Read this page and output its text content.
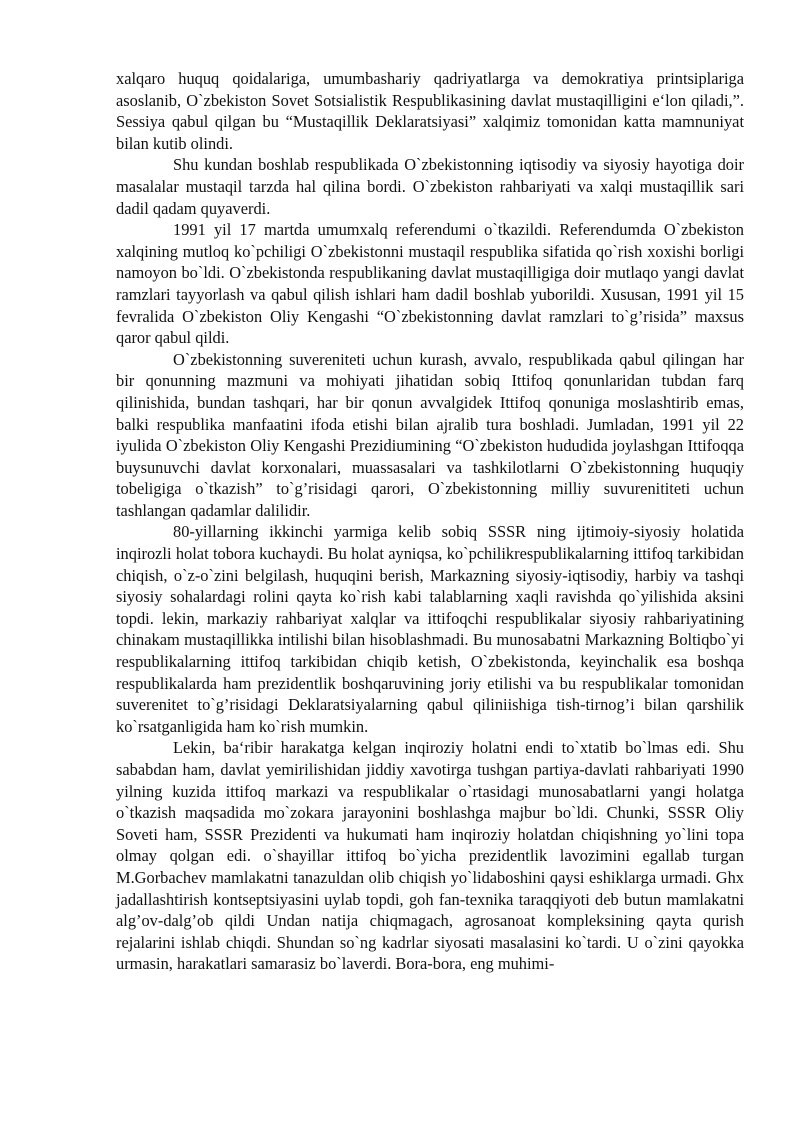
xalqaro huquq qoidalariga, umumbashariy qadriyatlarga va demokratiya printsiplariga asoslanib, O`zbekiston Sovet Sotsialistik Respublikasining davlat mustaqilligini e‘lon qiladi,”. Sessiya qabul qilgan bu “Mustaqillik Deklaratsiyasi” xalqimiz tomonidan katta mamnuniyat bilan kutib olindi.

Shu kundan boshlab respublikada O`zbekistonning iqtisodiy va siyosiy hayotiga doir masalalar mustaqil tarzda hal qilina bordi. O`zbekiston rahbariyati va xalqi mustaqillik sari dadil qadam quyaverdi.

1991 yil 17 martda umumxalq referendumi o`tkazildi. Referendumda O`zbekiston xalqining mutloq ko`pchiligi O`zbekistonni mustaqil respublika sifatida qo`rish xoxishi borligi namoyon bo`ldi. O`zbekistonda respublikaning davlat mustaqilligiga doir mutlaqo yangi davlat ramzlari tayyorlash va qabul qilish ishlari ham dadil boshlab yuborildi. Xususan, 1991 yil 15 fevralida O`zbekiston Oliy Kengashi “O`zbekistonning davlat ramzlari to`g’risida” maxsus qaror qabul qildi.

O`zbekistonning suvereniteti uchun kurash, avvalo, respublikada qabul qilingan har bir qonunning mazmuni va mohiyati jihatidan sobiq Ittifoq qonunlaridan tubdan farq qilinishida, bundan tashqari, har bir qonun avvalgidek Ittifoq qonuniga moslashtirib emas, balki respublika manfaatini ifoda etishi bilan ajralib tura boshladi. Jumladan, 1991 yil 22 iyulida O`zbekiston Oliy Kengashi Prezidiumining “O`zbekiston hududida joylashgan Ittifoqqa buysunuvchi davlat korxonalari, muassasalari va tashkilotlarni O`zbekistonning huquqiy tobeligiga o`tkazish” to`g’risidagi qarori, O`zbekistonning milliy suvurenititeti uchun tashlangan qadamlar dalilidir.

80-yillarning ikkinchi yarmiga kelib sobiq SSSR ning ijtimoiy-siyosiy holatida inqirozli holat tobora kuchaydi. Bu holat ayniqsa, ko`pchilikrespublikalarning ittifoq tarkibidan chiqish, o`z-o`zini belgilash, huquqini berish, Markazning siyosiy-iqtisodiy, harbiy va tashqi siyosiy sohalardagi rolini qayta ko`rish kabi talablarning xaqli ravishda qo`yilishida aksini topdi. lekin, markaziy rahbariyat xalqlar va ittifoqchi respublikalar siyosiy rahbariyatining chinakam mustaqillikka intilishi bilan hisoblashmadi. Bu munosabatni Markazning Boltiqbo`yi respublikalarning ittifoq tarkibidan chiqib ketish, O`zbekistonda, keyinchalik esa boshqa respublikalarda ham prezidentlik boshqaruvining joriy etilishi va bu respublikalar tomonidan suverenitet to`g’risidagi Deklaratsiyalarning qabul qiliniishiga tish-tirnog’i bilan qarshilik ko`rsatganligida ham ko`rish mumkin.

Lekin, ba‘ribir harakatga kelgan inqiroziy holatni endi to`xtatib bo`lmas edi. Shu sababdan ham, davlat yemirilishidan jiddiy xavotirga tushgan partiya-davlati rahbariyati 1990 yilning kuzida ittifoq markazi va respublikalar o`rtasidagi munosabatlarni yangi holatga o`tkazish maqsadida mo`zokara jarayonini boshlashga majbur bo`ldi. Chunki, SSSR Oliy Soveti ham, SSSR Prezidenti va hukumati ham inqiroziy holatdan chiqishning yo`lini topa olmay qolgan edi. o`shayillar ittifoq bo`yicha prezidentlik lavozimini egallab turgan M.Gorbachev mamlakatni tanazuldan olib chiqish yo`lidaboshini qaysi eshiklarga urmadi. Ghx jadallashtirish kontseptsiyasini uylab topdi, goh fan-texnika taraqqiyoti deb butun mamlakatni alg’ov-dalg’ob qildi Undan natija chiqmagach, agrosanoat kompleksining qayta qurish rejalarini ishlab chiqdi. Shundan so`ng kadrlar siyosati masalasini ko`tardi. U o`zini qayokka urmasin, harakatlari samarasiz bo`laverdi. Bora-bora, eng muhimi-
